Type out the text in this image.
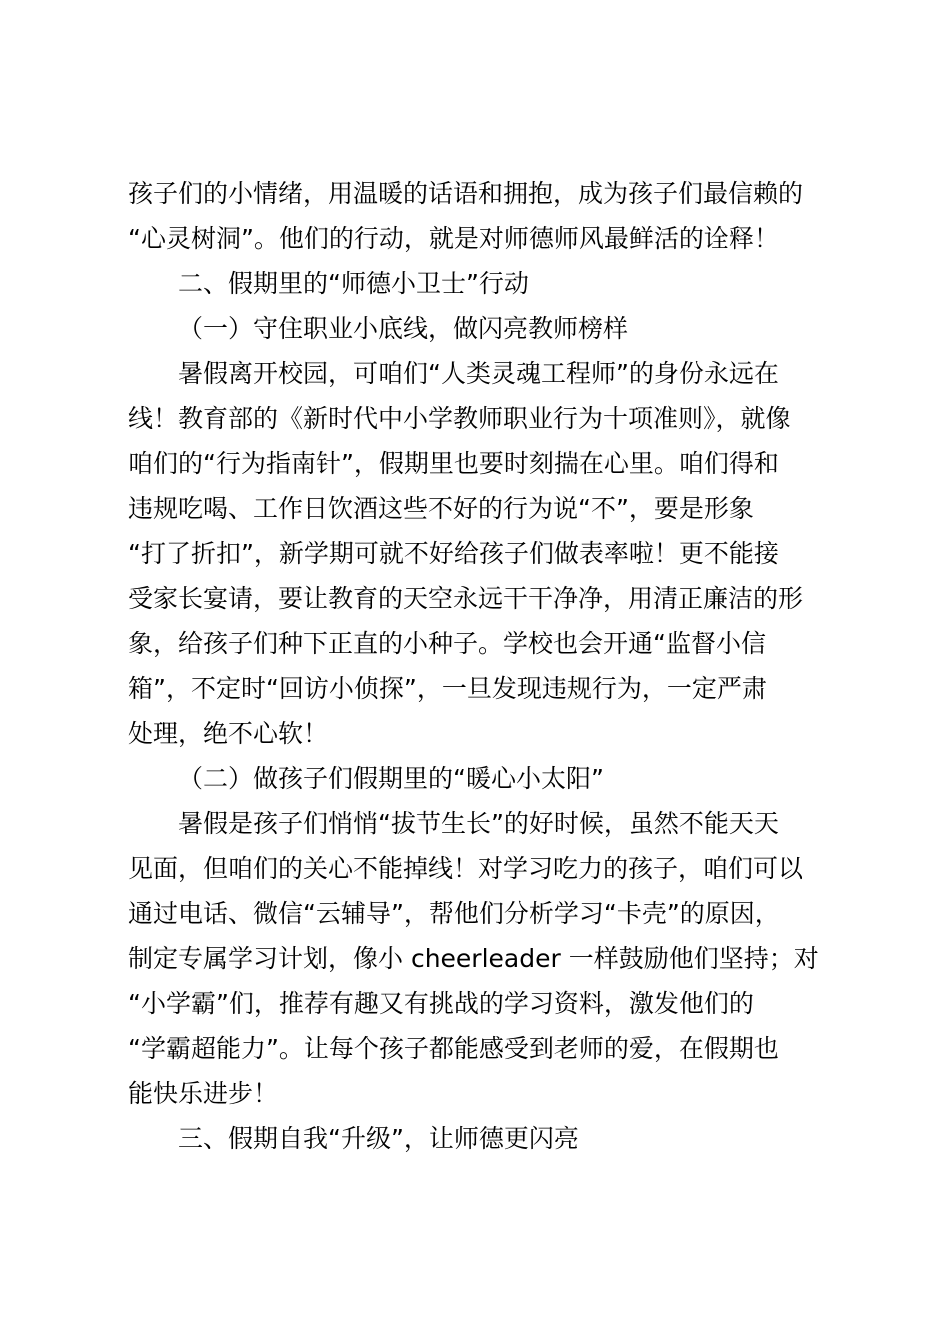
孩子们的小情绪，用温暖的话语和拥抱，成为孩子们最信赖的
“心灵树洞”。他们的行动，就是对师德师风最鲜活的诠释！
二、假期里的“师德小卫士”行动
（一）守住职业小底线，做闪亮教师榜样
暑假离开校园，可咱们“人类灵魂工程师”的身份永远在
线！教育部的《新时代中小学教师职业行为十项准则》，就像
咱们的“行为指南针”，假期里也要时刻揣在心里。咱们得和
违规吃喝、工作日饮酒这些不好的行为说“不”，要是形象
“打了折扣”，新学期可就不好给孩子们做表率啦！更不能接
受家长宴请，要让教育的天空永远干干净净，用清正廉洁的形
象，给孩子们种下正直的小种子。学校也会开通“监督小信
箱”，不定时“回访小侦探”，一旦发现违规行为，一定严肃
处理，绝不心软！
（二）做孩子们假期里的“暖心小太阳”
暑假是孩子们悄悄“拔节生长”的好时候，虽然不能天天
见面，但咱们的关心不能掉线！对学习吃力的孩子，咱们可以
通过电话、微信“云辅导”，帮他们分析学习“卡壳”的原因，
制定专属学习计划，像小 cheerleader 一样鼓励他们坚持；对
“小学霸”们，推荐有趣又有挑战的学习资料，激发他们的
“学霸超能力”。让每个孩子都能感受到老师的爱，在假期也
能快乐进步！
三、假期自我“升级”，让师德更闪亮
